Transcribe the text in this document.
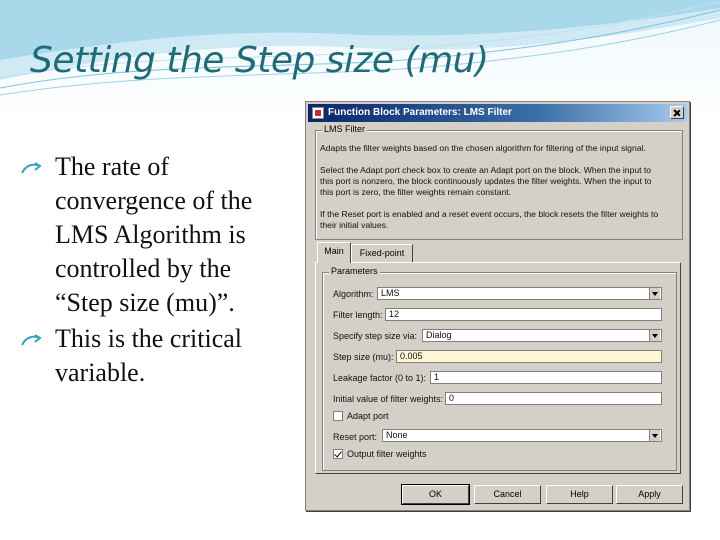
Setting the Step size (mu)
The rate of convergence of the LMS Algorithm is controlled by the “Step size (mu)”.
This is the critical variable.
Function Block Parameters: LMS Filter
LMS Filter
Adapts the filter weights based on the chosen algorithm for filtering of the input signal.
Select the Adapt port check box to create an Adapt port on the block. When the input to this port is nonzero, the block continuously updates the filter weights. When the input to this port is zero, the filter weights remain constant.
If the Reset port is enabled and a reset event occurs, the block resets the filter weights to their initial values.
Main	Fixed-point
Parameters
Algorithm: LMS
Filter length: 12
Specify step size via: Dialog
Step size (mu): 0.005
Leakage factor (0 to 1): 1
Initial value of filter weights: 0
Adapt port
Reset port: None
Output filter weights
OK	Cancel	Help	Apply
